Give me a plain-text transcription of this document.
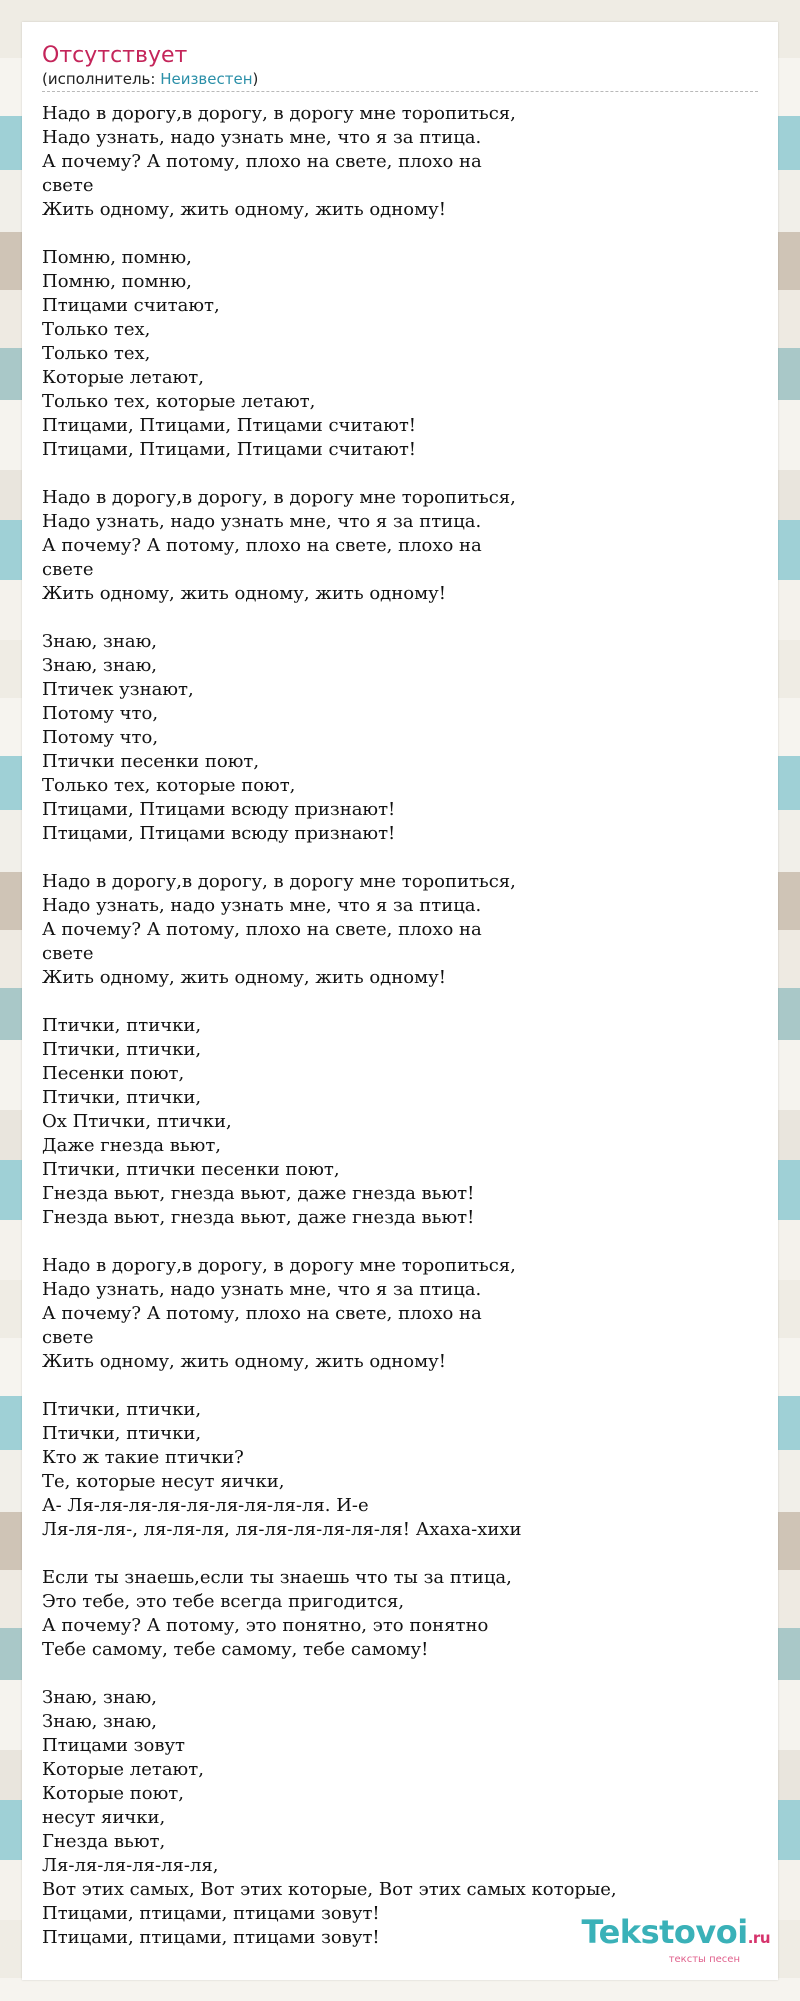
Отсутствует
(исполнитель: Неизвестен)
Надо в дорогу,в дорогу, в дорогу мне торопиться,
Надо узнать, надо узнать мне, что я за птица.
А почему? А потому, плохо на свете, плохо на
свете
Жить одному, жить одному, жить одному!
Помню, помню,
Помню, помню,
Птицами считают,
Только тех,
Только тех,
Которые летают,
Только тех, которые летают,
Птицами, Птицами, Птицами считают!
Птицами, Птицами, Птицами считают!
Надо в дорогу,в дорогу, в дорогу мне торопиться,
Надо узнать, надо узнать мне, что я за птица.
А почему? А потому, плохо на свете, плохо на
свете
Жить одному, жить одному, жить одному!
Знаю, знаю,
Знаю, знаю,
Птичек узнают,
Потому что,
Потому что,
Птички песенки поют,
Только тех, которые поют,
Птицами, Птицами всюду признают!
Птицами, Птицами всюду признают!
Надо в дорогу,в дорогу, в дорогу мне торопиться,
Надо узнать, надо узнать мне, что я за птица.
А почему? А потому, плохо на свете, плохо на
свете
Жить одному, жить одному, жить одному!
Птички, птички,
Птички, птички,
Песенки поют,
Птички, птички,
Ох Птички, птички,
Даже гнезда вьют,
Птички, птички песенки поют,
Гнезда вьют, гнезда вьют, даже гнезда вьют!
Гнезда вьют, гнезда вьют, даже гнезда вьют!
Надо в дорогу,в дорогу, в дорогу мне торопиться,
Надо узнать, надо узнать мне, что я за птица.
А почему? А потому, плохо на свете, плохо на
свете
Жить одному, жить одному, жить одному!
Птички, птички,
Птички, птички,
Кто ж такие птички?
Те, которые несут яички,
А- Ля-ля-ля-ля-ля-ля-ля-ля-ля. И-е
Ля-ля-ля-, ля-ля-ля, ля-ля-ля-ля-ля-ля! Ахаха-хихи
Если ты знаешь,если ты знаешь что ты за птица,
Это тебе, это тебе всегда пригодится,
А почему? А потому, это понятно, это понятно
Тебе самому, тебе самому, тебе самому!
Знаю, знаю,
Знаю, знаю,
Птицами зовут
Которые летают,
Которые поют,
несут яички,
Гнезда вьют,
Ля-ля-ля-ля-ля-ля,
Вот этих самых, Вот этих которые, Вот этих самых которые,
Птицами, птицами, птицами зовут!
Птицами, птицами, птицами зовут!	Tekstovoi.ru
тексты песен
